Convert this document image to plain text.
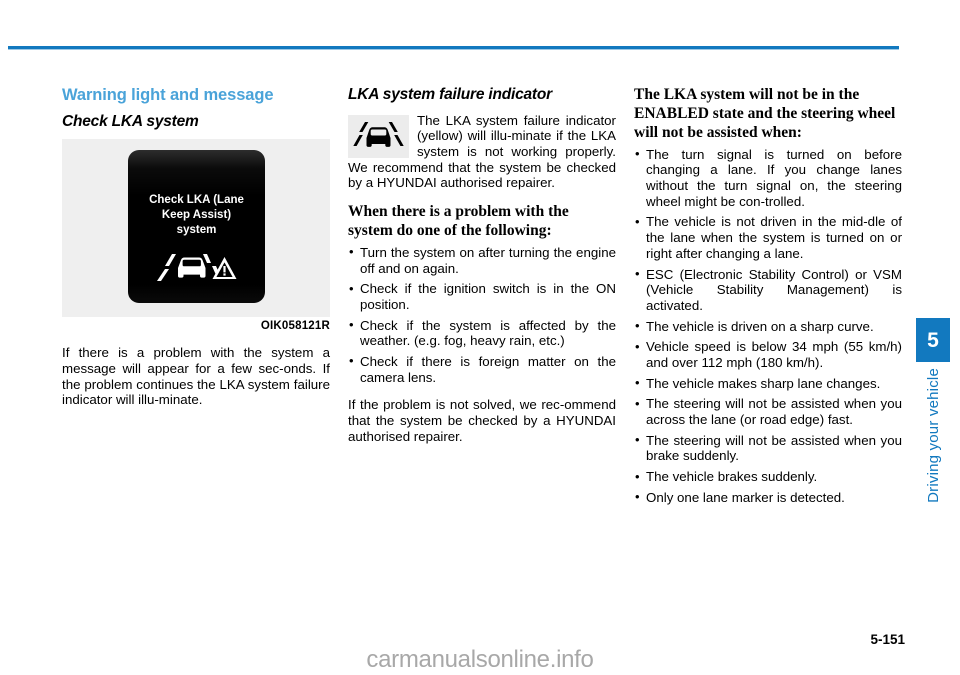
5
Driving your vehicle
Warning light and message
Check LKA system
Check LKA (Lane
Keep Assist)
system
OIK058121R

If there is a problem with the system a message will appear for a few sec-onds. If the problem continues the LKA system failure indicator will illu-minate.

LKA system failure indicator
The LKA system failure indicator (yellow) will illu-minate if the LKA system is not working properly. We recommend that the system be checked by a HYUNDAI authorised repairer.
When there is a problem with the system do one of the following:
• Turn the system on after turning the engine off and on again.
• Check if the ignition switch is in the ON position.
• Check if the system is affected by the weather. (e.g. fog, heavy rain, etc.)
• Check if there is foreign matter on the camera lens.

If the problem is not solved, we rec-ommend that the system be checked by a HYUNDAI authorised repairer.

The LKA system will not be in the ENABLED state and the steering wheel will not be assisted when:
• The turn signal is turned on before changing a lane. If you change lanes without the turn signal on, the steering wheel might be con-trolled.
• The vehicle is not driven in the mid-dle of the lane when the system is turned on or right after changing a lane.
• ESC (Electronic Stability Control) or VSM (Vehicle Stability Management) is activated.
• The vehicle is driven on a sharp curve.
• Vehicle speed is below 34 mph (55 km/h) and over 112 mph (180 km/h).
• The vehicle makes sharp lane changes.
• The steering will not be assisted when you across the lane (or road edge) fast.
• The steering will not be assisted when you brake suddenly.
• The vehicle brakes suddenly.
• Only one lane marker is detected.
5-151
carmanualsonline.info
